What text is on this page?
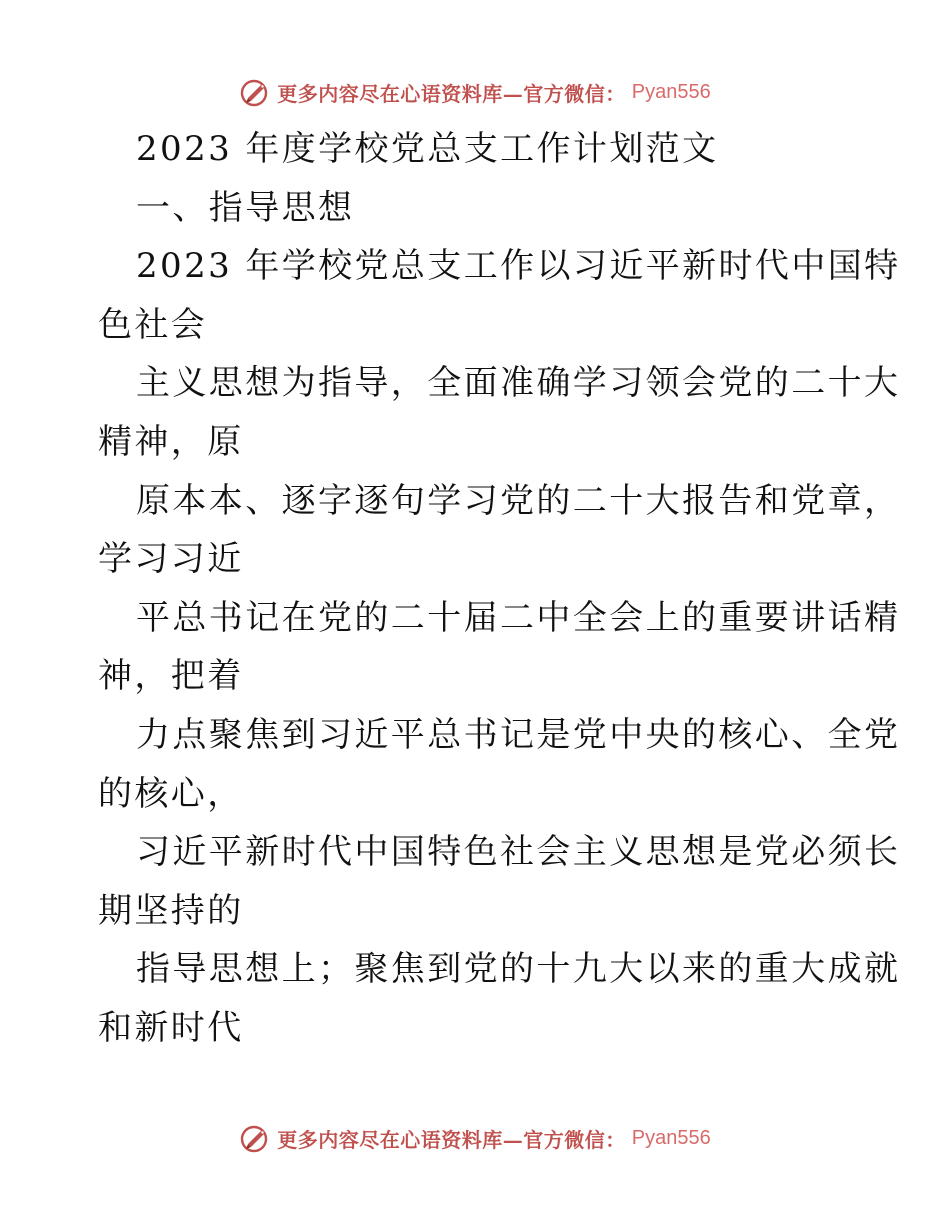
更多内容尽在心语资料库—官方微信： Pyan556
2023 年度学校党总支工作计划范文
一、指导思想
2023 年学校党总支工作以习近平新时代中国特
色社会
主义思想为指导，全面准确学习领会党的二十大
精神，原
原本本、逐字逐句学习党的二十大报告和党章，
学习习近
平总书记在党的二十届二中全会上的重要讲话精
神，把着
力点聚焦到习近平总书记是党中央的核心、全党
的核心，
习近平新时代中国特色社会主义思想是党必须长
期坚持的
指导思想上；聚焦到党的十九大以来的重大成就
和新时代
更多内容尽在心语资料库—官方微信： Pyan556
